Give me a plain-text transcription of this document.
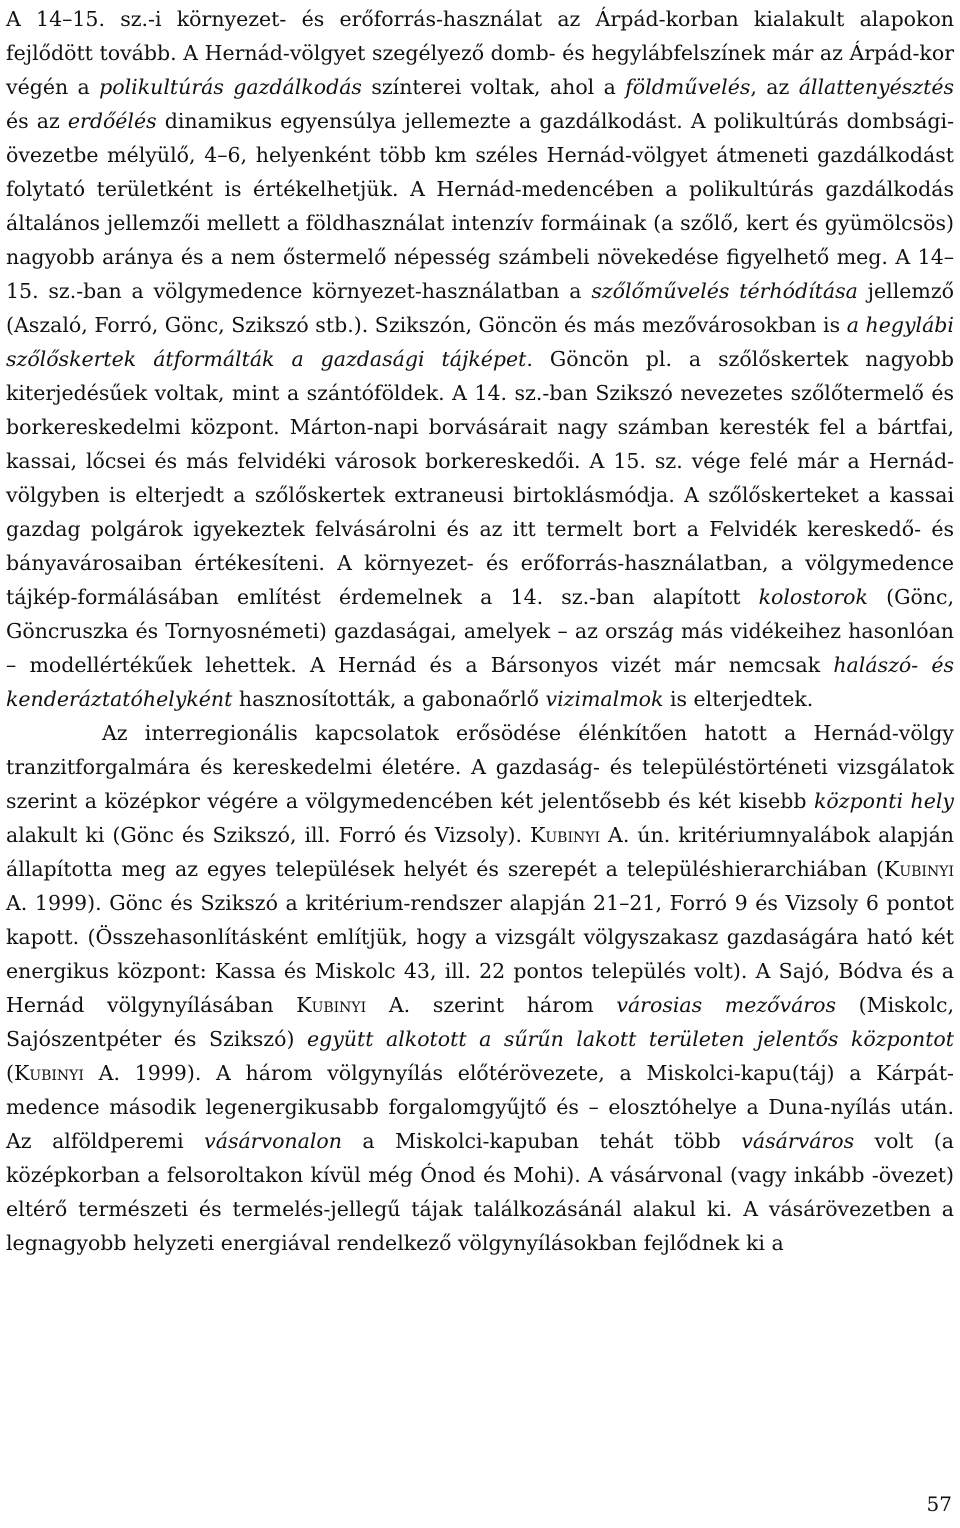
A 14–15. sz.-i környezet- és erőforrás-használat az Árpád-korban kialakult alapokon fejlődött tovább. A Hernád-völgyet szegélyező domb- és hegylábfelszínek már az Árpád-kor végén a polikultúrás gazdálkodás színterei voltak, ahol a földművelés, az állattenyésztés és az erdőélés dinamikus egyensúlya jellemezte a gazdálkodást. A polikultúrás dombsági-övezetbe mélyülő, 4–6, helyenként több km széles Hernád-völgyet átmeneti gazdálkodást folytató területként is értékelhetjük. A Hernád-medencében a polikultúrás gazdálkodás általános jellemzői mellett a földhasználat intenzív formáinak (a szőlő, kert és gyümölcsös) nagyobb aránya és a nem őstermelő népesség számbeli növekedése figyelhető meg. A 14–15. sz.-ban a völgymedence környezet-használatban a szőlőművelés térhódítása jellemző (Aszaló, Forró, Gönc, Szikszó stb.). Szikszón, Göncön és más mezővárosokban is a hegylábi szőlőskertek átformálták a gazdasági tájképet. Göncön pl. a szőlőskertek nagyobb kiterjedésűek voltak, mint a szántóföldek. A 14. sz.-ban Szikszó nevezetes szőlőtermelő és borkereskedelmi központ. Márton-napi borvásárait nagy számban keresték fel a bártfai, kassai, lőcsei és más felvidéki városok borkereskedői. A 15. sz. vége felé már a Hernád-völgyben is elterjedt a szőlőskertek extraneusi birtoklásmódja. A szőlőskerteket a kassai gazdag polgárok igyekeztek felvásárolni és az itt termelt bort a Felvidék kereskedő- és bányavárosaiban értékesíteni. A környezet- és erőforrás-használatban, a völgymedence tájkép-formálásában említést érdemelnek a 14. sz.-ban alapított kolostorok (Gönc, Göncruszka és Tornyosnémeti) gazdaságai, amelyek – az ország más vidékeihez hasonlóan – modellértékűek lehettek. A Hernád és a Bársonyos vizét már nemcsak halászó- és kenderáztatóhelyként hasznosították, a gabonaőrlő vizimalmok is elterjedtek.

Az interregionális kapcsolatok erősödése élénkítően hatott a Hernád-völgy tranzitforgalmára és kereskedelmi életére. A gazdaság- és településtörténeti vizsgálatok szerint a középkor végére a völgymedencében két jelentősebb és két kisebb központi hely alakult ki (Gönc és Szikszó, ill. Forró és Vizsoly). Kubinyi A. ún. kritériumnyalábok alapján állapította meg az egyes települések helyét és szerepét a településhierarchiában (Kubinyi A. 1999). Gönc és Szikszó a kritérium-rendszer alapján 21–21, Forró 9 és Vizsoly 6 pontot kapott. (Összehasonlításként említjük, hogy a vizsgált völgyszakasz gazdaságára ható két energikus központ: Kassa és Miskolc 43, ill. 22 pontos település volt). A Sajó, Bódva és a Hernád völgynyílásában Kubinyi A. szerint három városias mezőváros (Miskolc, Sajószentpéter és Szikszó) együtt alkotott a sűrűn lakott területen jelentős központot (Kubinyi A. 1999). A három völgynyílás előtérövezete, a Miskolci-kapu(táj) a Kárpát-medence második legenergikusabb forgalomgyűjtő és – elosztóhelye a Duna-nyílás után. Az alföldperemi vásárvonalon a Miskolci-kapuban tehát több vásárváros volt (a középkorban a felsoroltakon kívül még Ónod és Mohi). A vásárvonal (vagy inkább -övezet) eltérő természeti és termelés-jellegű tájak találkozásánál alakul ki. A vásárövezetben a legnagyobb helyzeti energiával rendelkező völgynyílásokban fejlődnek ki a

57
